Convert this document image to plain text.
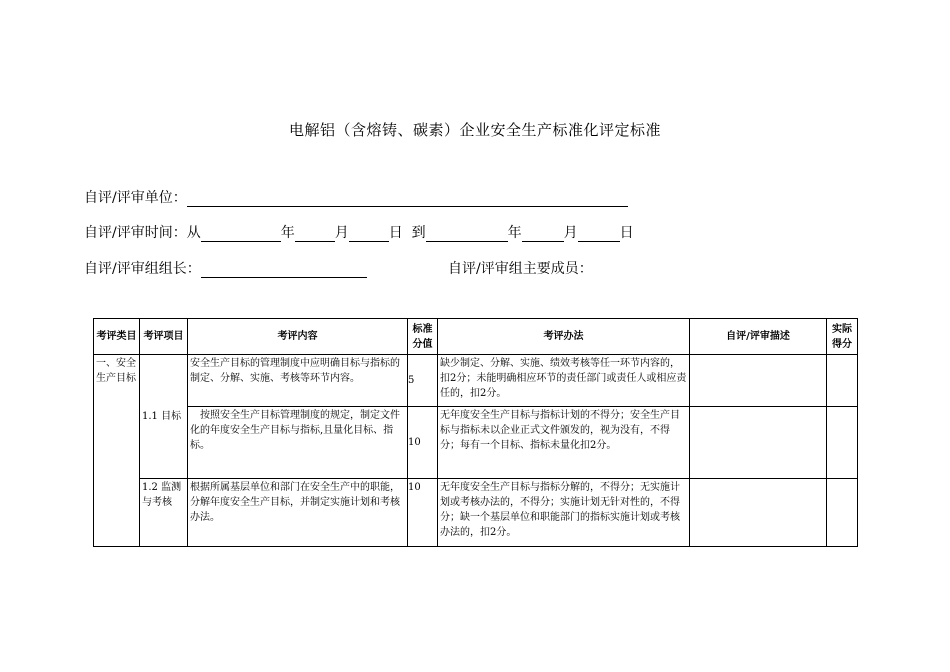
电解铝（含熔铸、碳素）企业安全生产标准化评定标准
自评/评审单位：
自评/评审时间：从	年	月	日 到	年	月	日
自评/评审组组长：	自评/评审组主要成员：
考评类目	考评项目	考评内容	标准分值	考评办法	自评/评审描述	实际得分
一、安全生产目标	1.1 目标	安全生产目标的管理制度中应明确目标与指标的制定、分解、实施、考核等环节内容。	5	缺少制定、分解、实施、绩效考核等任一环节内容的，扣2分；未能明确相应环节的责任部门或责任人或相应责任的，扣2分。		
		按照安全生产目标管理制度的规定，制定文件化的年度安全生产目标与指标,且量化目标、指标。	10	无年度安全生产目标与指标计划的不得分；安全生产目标与指标未以企业正式文件颁发的，视为没有，不得分；每有一个目标、指标未量化扣2分。		
	1.2 监测与考核	根据所属基层单位和部门在安全生产中的职能，分解年度安全生产目标，并制定实施计划和考核办法。	10	无年度安全生产目标与指标分解的，不得分；无实施计划或考核办法的，不得分；实施计划无针对性的，不得分；缺一个基层单位和职能部门的指标实施计划或考核办法的，扣2分。		
